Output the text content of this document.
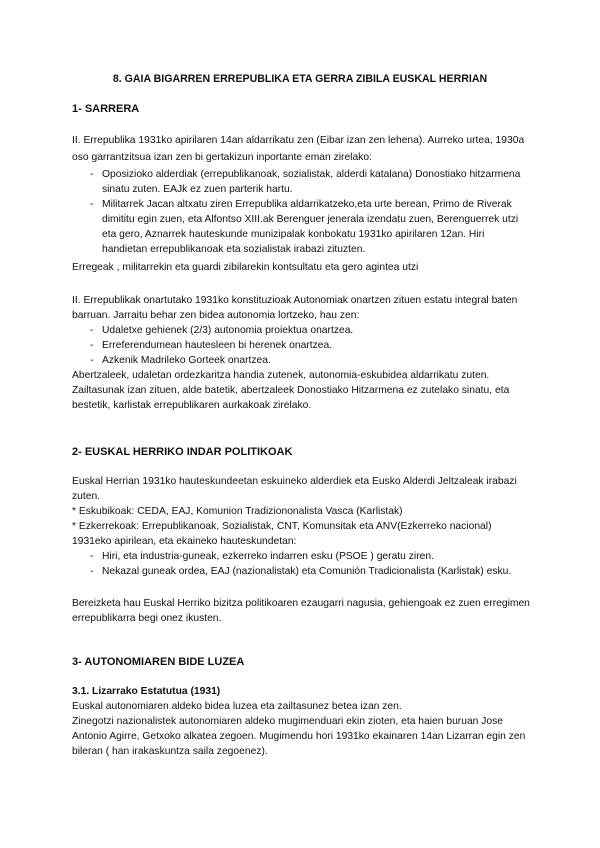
8. GAIA BIGARREN ERREPUBLIKA ETA GERRA ZIBILA EUSKAL HERRIAN
1- SARRERA
II. Errepublika 1931ko apirilaren 14an aldarrikatu zen (Eibar izan zen lehena). Aurreko urtea, 1930a oso garrantzitsua izan zen bi gertakizun inportante eman zirelako:
- Oposizioko alderdiak (errepublikanoak, sozialistak, alderdi katalana) Donostiako hitzarmena sinatu zuten. EAJk ez zuen parterik hartu.
- Militarrek Jacan altxatu ziren Errepublika aldarrikatzeko,eta urte berean, Primo de Riverak dimititu egin zuen, eta Alfontso XIII.ak Berenguer jenerala izendatu zuen, Berenguerrek utzi eta gero, Aznarrek hauteskunde munizipalak konbokatu 1931ko apirilaren 12an. Hiri handietan errepublikanoak eta sozialistak irabazi zituzten.
Erregeak , militarrekin eta guardi zibilarekin kontsultatu eta gero agintea utzi
II. Errepublikak onartutako 1931ko konstituzioak Autonomiak onartzen zituen estatu integral baten barruan. Jarraitu behar zen bidea autonomia lortzeko, hau zen:
- Udaletxe gehienek (2/3) autonomia proiektua onartzea.
- Erreferendumean hautesleen bi herenek onartzea.
- Azkenik Madrileko Gorteek onartzea.
Abertzaleek, udaletan ordezkaritza handia zutenek, autonomia-eskubidea aldarrikatu zuten. Zailtasunak izan zituen, alde batetik, abertzaleek Donostiako Hitzarmena ez zutelako sinatu, eta bestetik, karlistak errepublikaren aurkakoak zirelako.
2- EUSKAL HERRIKO INDAR POLITIKOAK
Euskal Herrian 1931ko hauteskundeetan eskuineko alderdiek eta Eusko Alderdi Jeltzaleak irabazi zuten.
* Eskubikoak: CEDA, EAJ, Komunion Tradiziononalista Vasca (Karlistak)
* Ezkerrekoak: Errepublikanoak, Sozialistak, CNT, Komunsitak eta ANV(Ezkerreko nacional) 1931eko apirilean, eta ekaineko hauteskundetan:
- Hiri, eta industria-guneak, ezkerreko indarren esku (PSOE ) geratu ziren.
- Nekazal guneak ordea, EAJ (nazionalistak) eta Comunión Tradicionalista (Karlistak) esku.
Bereizketa hau Euskal Herriko bizitza politikoaren ezaugarri nagusia, gehiengoak ez zuen erregimen errepublikarra begi onez ikusten.
3- AUTONOMIAREN BIDE LUZEA
3.1. Lizarrako Estatutua (1931)
Euskal autonomiaren aldeko bidea luzea eta zailtasunez betea izan zen.
Zinegotzi nazionalistek autonomiaren aldeko mugimenduari ekin zioten, eta haien buruan Jose Antonio Agirre, Getxoko alkatea zegoen. Mugimendu hori 1931ko ekainaren 14an Lizarran egin zen bileran ( han irakaskuntza saila zegoenez).
